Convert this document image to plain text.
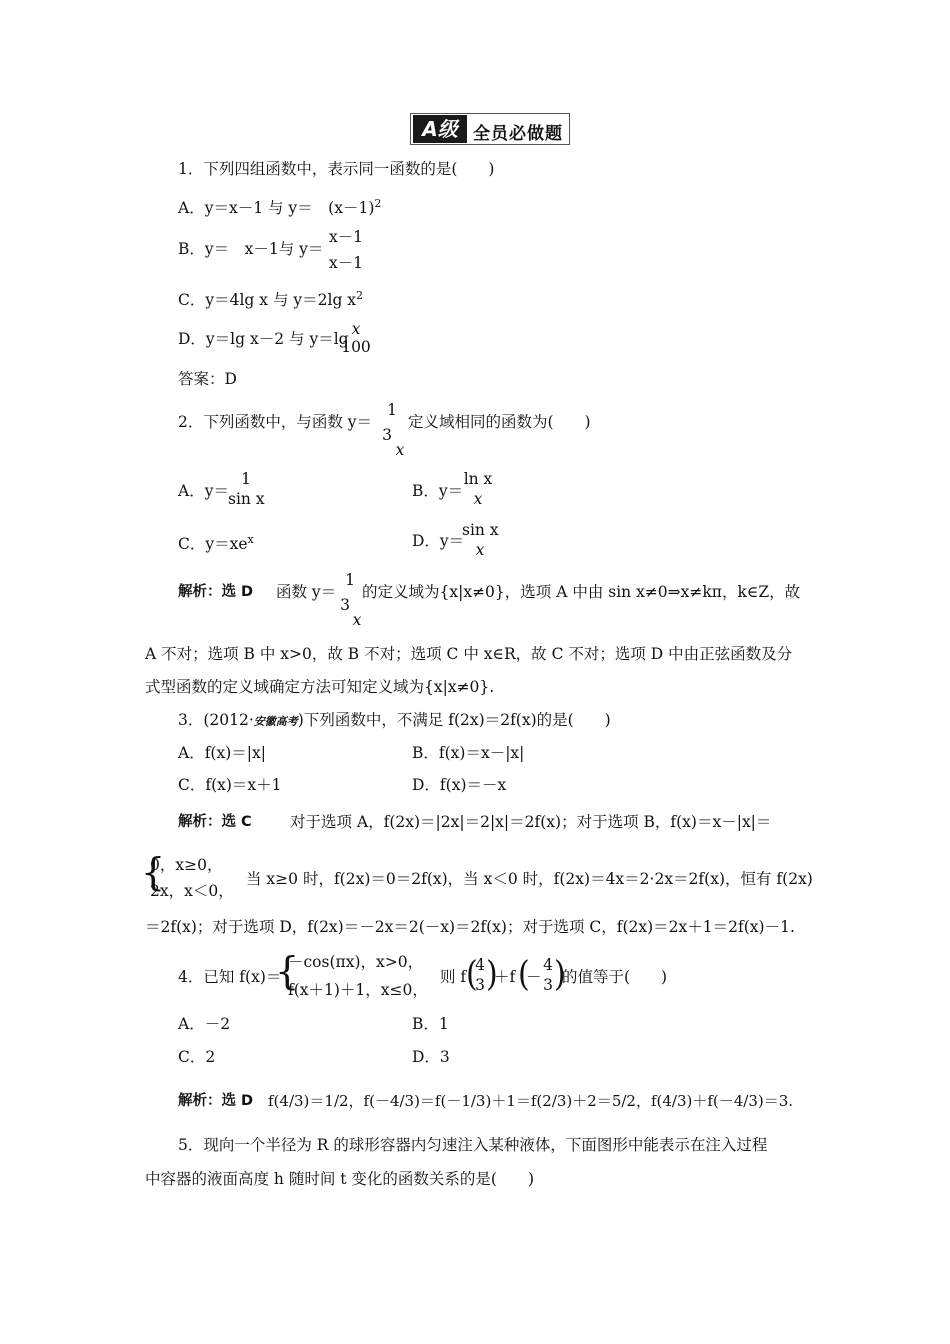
A级 全员必做题
1．下列四组函数中，表示同一函数的是(　　)
A．y＝x－1 与 y＝　$(x-1)^2$
B．y＝　x－1与 y＝
x－1
x－1
C．y＝4lg x 与 y＝2lg $x^2$
D．y＝lg x－2 与 y＝lg
x
100
答案：D
2．下列函数中，与函数 y＝
1
3
x
定义域相同的函数为(　　)
A．y＝
1
sin x	B．y＝
ln x
x
C．$y=xe^x$	D．y＝
sin x
x
解析：选 D 函数 y＝
1
3
x
的定义域为{x|x≠0}，选项 A 中由 sin x≠0⇒x≠kπ，k∈Z，故
A 不对；选项 B 中 x>0，故 B 不对；选项 C 中 x∈R，故 C 不对；选项 D 中由正弦函数及分
式型函数的定义域确定方法可知定义域为{x|x≠0}.
3．(2012·安徽高考)下列函数中，不满足 f(2x)＝2f(x)的是(　　)
A．f(x)＝|x|	B．f(x)＝x－|x|
C．f(x)＝x＋1	D．f(x)＝－x
解析：选 C 对于选项 A，f(2x)＝|2x|＝2|x|＝2f(x)；对于选项 B，f(x)＝x－|x|＝
{
0，x≥0，
2x，x＜0，
当 x≥0 时，f(2x)＝0＝2f(x)，当 x＜0 时，f(2x)＝4x＝2·2x＝2f(x)，恒有 f(2x)
＝2f(x)；对于选项 D，f(2x)＝－2x＝2(－x)＝2f(x)；对于选项 C，f(2x)＝2x＋1＝2f(x)－1.
4．已知 f(x)＝
{
－cos(πx)，x>0，
f(x＋1)＋1，x≤0，
则 f (
4
3 )
＋f (
－
4
3 )
的值等于(　　)
A．－2	B．1
C．2	D．3
解析：选 D f(4/3)＝1/2，f(－4/3)＝f(－1/3)＋1＝f(2/3)＋2＝5/2，f(4/3)＋f(－4/3)＝3.
5．现向一个半径为 R 的球形容器内匀速注入某种液体，下面图形中能表示在注入过程
中容器的液面高度 h 随时间 t 变化的函数关系的是(　　)
